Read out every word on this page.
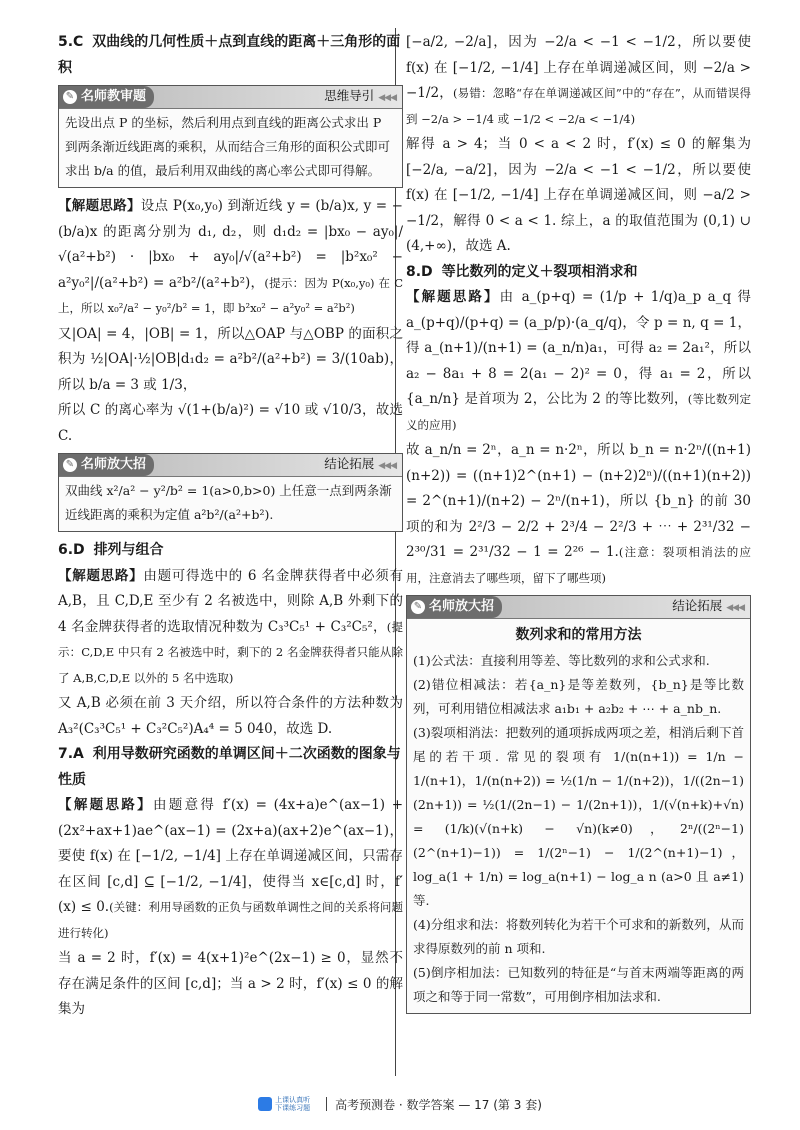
5.C 双曲线的几何性质＋点到直线的距离＋三角形的面积
✎ 名师教审题	思维导引 ◀◀◀
先设出点 P 的坐标，然后利用点到直线的距离公式求出 P 到两条渐近线距离的乘积，从而结合三角形的面积公式即可求出 b/a 的值，最后利用双曲线的离心率公式即可得解。

【解题思路】设点 P(x₀,y₀) 到渐近线 y = (b/a)x, y = −(b/a)x 的距离分别为 d₁, d₂，则 d₁d₂ = |bx₀ − ay₀|/√(a²+b²) · |bx₀ + ay₀|/√(a²+b²) = |b²x₀² − a²y₀²|/(a²+b²) = a²b²/(a²+b²)，(提示：因为 P(x₀,y₀) 在 C 上，所以 x₀²/a² − y₀²/b² = 1，即 b²x₀² − a²y₀² = a²b²)

又|OA| = 4，|OB| = 1，所以△OAP 与△OBP 的面积之积为 ½|OA|·½|OB|d₁d₂ = a²b²/(a²+b²) = 3/(10ab)，所以 b/a = 3 或 1/3，

所以 C 的离心率为 √(1+(b/a)²) = √10 或 √10/3，故选 C.

✎ 名师放大招	结论拓展 ◀◀◀
双曲线 x²/a² − y²/b² = 1(a>0,b>0) 上任意一点到两条渐近线距离的乘积为定值 a²b²/(a²+b²).
6.D 排列与组合

【解题思路】由题可得选中的 6 名金牌获得者中必须有 A,B，且 C,D,E 至少有 2 名被选中，则除 A,B 外剩下的 4 名金牌获得者的选取情况种数为 C₃³C₅¹ + C₃²C₅²，(提示：C,D,E 中只有 2 名被选中时，剩下的 2 名金牌获得者只能从除了 A,B,C,D,E 以外的 5 名中选取)

又 A,B 必须在前 3 天介绍，所以符合条件的方法种数为 A₃²(C₃³C₅¹ + C₃²C₅²)A₄⁴ = 5 040，故选 D.

7.A 利用导数研究函数的单调区间＋二次函数的图象与性质

【解题思路】由题意得 f′(x) = (4x+a)e^(ax−1) + (2x²+ax+1)ae^(ax−1) = (2x+a)(ax+2)e^(ax−1)，要使 f(x) 在 [−1/2, −1/4] 上存在单调递减区间，只需存在区间 [c,d] ⊆ [−1/2, −1/4]，使得当 x∈[c,d] 时，f′(x) ≤ 0.(关键：利用导函数的正负与函数单调性之间的关系将问题进行转化)

当 a = 2 时，f′(x) = 4(x+1)²e^(2x−1) ≥ 0，显然不存在满足条件的区间 [c,d]；当 a > 2 时，f′(x) ≤ 0 的解集为

[−a/2, −2/a]，因为 −2/a < −1 < −1/2，所以要使 f(x) 在 [−1/2, −1/4] 上存在单调递减区间，则 −2/a > −1/2，(易错：忽略“存在单调递减区间”中的“存在”，从而错误得到 −2/a > −1/4 或 −1/2 < −2/a < −1/4)

解得 a > 4；当 0 < a < 2 时，f′(x) ≤ 0 的解集为 [−2/a, −a/2]，因为 −2/a < −1 < −1/2，所以要使 f(x) 在 [−1/2, −1/4] 上存在单调递减区间，则 −a/2 > −1/2，解得 0 < a < 1. 综上，a 的取值范围为 (0,1) ∪ (4,+∞)，故选 A.

8.D 等比数列的定义＋裂项相消求和

【解题思路】由 a_(p+q) = (1/p + 1/q)a_p a_q 得 a_(p+q)/(p+q) = (a_p/p)·(a_q/q)，令 p = n, q = 1，得 a_(n+1)/(n+1) = (a_n/n)a₁，可得 a₂ = 2a₁²，所以 a₂ − 8a₁ + 8 = 2(a₁ − 2)² = 0，得 a₁ = 2，所以 {a_n/n} 是首项为 2，公比为 2 的等比数列，(等比数列定义的应用)

故 a_n/n = 2ⁿ，a_n = n·2ⁿ，所以 b_n = n·2ⁿ/((n+1)(n+2)) = ((n+1)2^(n+1) − (n+2)2ⁿ)/((n+1)(n+2)) = 2^(n+1)/(n+2) − 2ⁿ/(n+1)，所以 {b_n} 的前 30 项的和为 2²/3 − 2/2 + 2³/4 − 2²/3 + ⋯ + 2³¹/32 − 2³⁰/31 = 2³¹/32 − 1 = 2²⁶ − 1.(注意：裂项相消法的应用，注意消去了哪些项，留下了哪些项)

✎ 名师放大招	结论拓展 ◀◀◀
数列求和的常用方法

(1)公式法：直接利用等差、等比数列的求和公式求和.

(2)错位相减法：若{a_n}是等差数列，{b_n}是等比数列，可利用错位相减法求 a₁b₁ + a₂b₂ + ⋯ + a_nb_n.

(3)裂项相消法：把数列的通项拆成两项之差，相消后剩下首尾的若干项. 常见的裂项有 1/(n(n+1)) = 1/n − 1/(n+1)，1/(n(n+2)) = ½(1/n − 1/(n+2))，1/((2n−1)(2n+1)) = ½(1/(2n−1) − 1/(2n+1))，1/(√(n+k)+√n) = (1/k)(√(n+k) − √n)(k≠0)，2ⁿ/((2ⁿ−1)(2^(n+1)−1)) = 1/(2ⁿ−1) − 1/(2^(n+1)−1)，log_a(1 + 1/n) = log_a(n+1) − log_a n (a>0 且 a≠1) 等.

(4)分组求和法：将数列转化为若干个可求和的新数列，从而求得原数列的前 n 项和.

(5)倒序相加法：已知数列的特征是“与首末两端等距离的两项之和等于同一常数”，可用倒序相加法求和.

上课认真听
下课练习题 高考预测卷 · 数学答案 — 17 (第 3 套)
